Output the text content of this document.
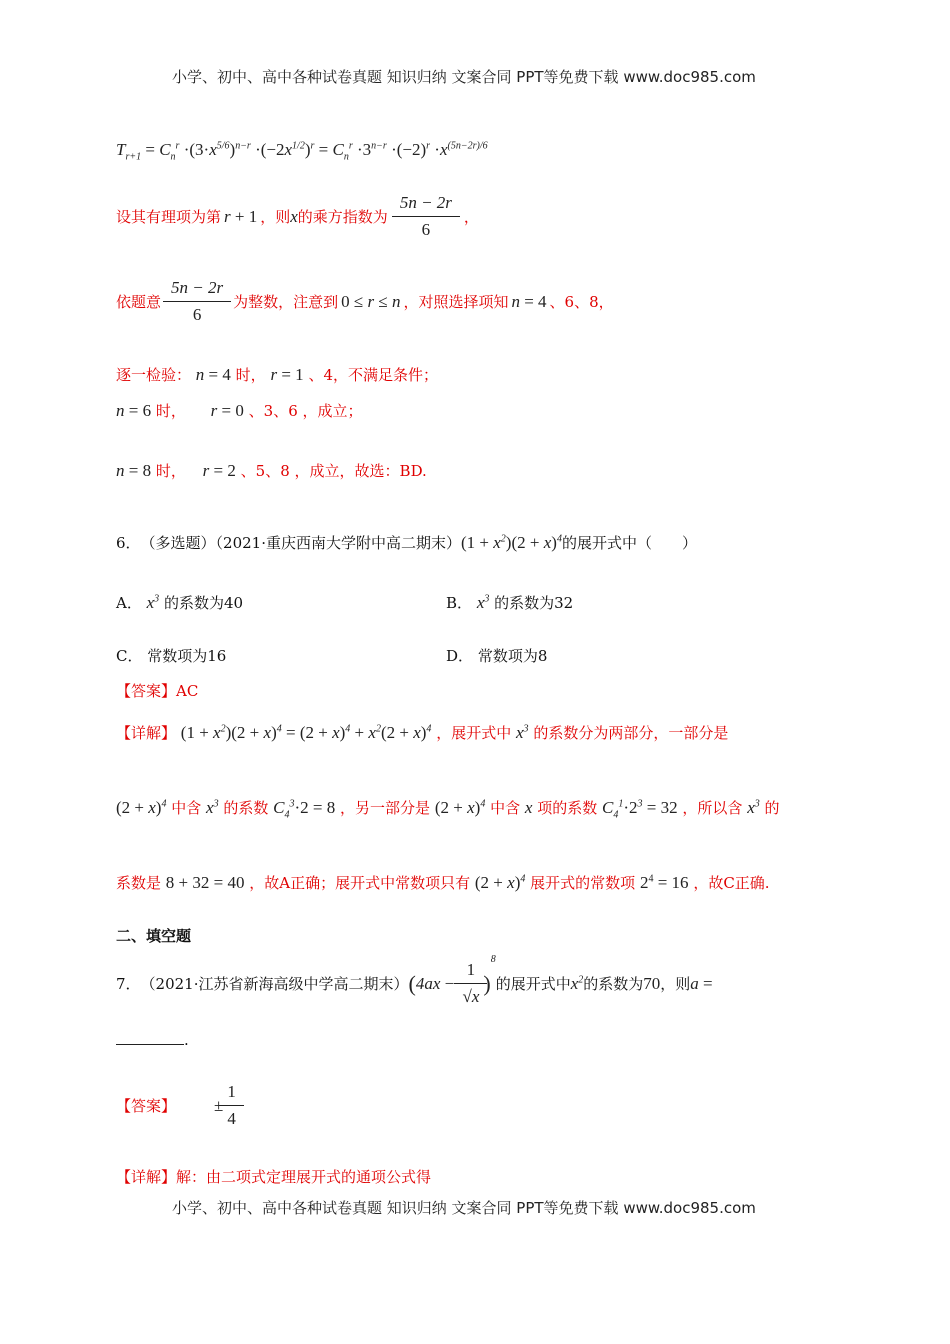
小学、初中、高中各种试卷真题 知识归纳 文案合同 PPT等免费下载 www.doc985.com
$T_{r+1} = C_n^r \cdot(3\cdot x^{5/6})^{n-r} \cdot(-2x^{1/2})^r = C_n^r \cdot 3^{n-r} \cdot(-2)^r \cdot x^{(5n-2r)/6}$
设其有理项为第 r + 1 ，则 x 的乘方指数为 $\frac{5n - 2r}{6}$ ，
依题意 $\frac{5n - 2r}{6}$ 为整数，注意到 0 ≤ r ≤ n ，对照选择项知 n = 4 、6、8，
逐一检验： n = 4 时， r = 1 、4，不满足条件；
n = 6 时， r = 0 、3、6 ，成立；
n = 8 时， r = 2 、5、8 ，成立，故选：BD.
6． （多选题）（2021·重庆西南大学附中高二期末） $(1 + x^2)(2 + x)^4$ 的展开式中（　　）
A． $x^3$ 的系数为40	B． $x^3$ 的系数为32
C． 常数项为16	D． 常数项为8
【答案】AC
【详解】 $(1 + x^2)(2 + x)^4 = (2 + x)^4 + x^2(2 + x)^4$ ，展开式中 $x^3$ 的系数分为两部分，一部分是
$(2 + x)^4$ 中含 $x^3$ 的系数 $C_4^3\cdot 2 = 8$ ，另一部分是 $(2 + x)^4$ 中含 x 项的系数 $C_4^1\cdot 2^3 = 32$ ，所以含 $x^3$ 的
系数是 8 + 32 = 40 ，故A正确；展开式中常数项只有 $(2 + x)^4$ 展开式的常数项 $2^4 = 16$ ，故C正确.
二、填空题
7． （2021·江苏省新海高级中学高二期末） ( $4ax - \frac{1}{√x}$ )
8
的展开式中 $x^2$ 的系数为 70 ，则 a =
.
【答案】 ± $\frac{1}{4}$
【详解】解：由二项式定理展开式的通项公式得
小学、初中、高中各种试卷真题 知识归纳 文案合同 PPT等免费下载 www.doc985.com
